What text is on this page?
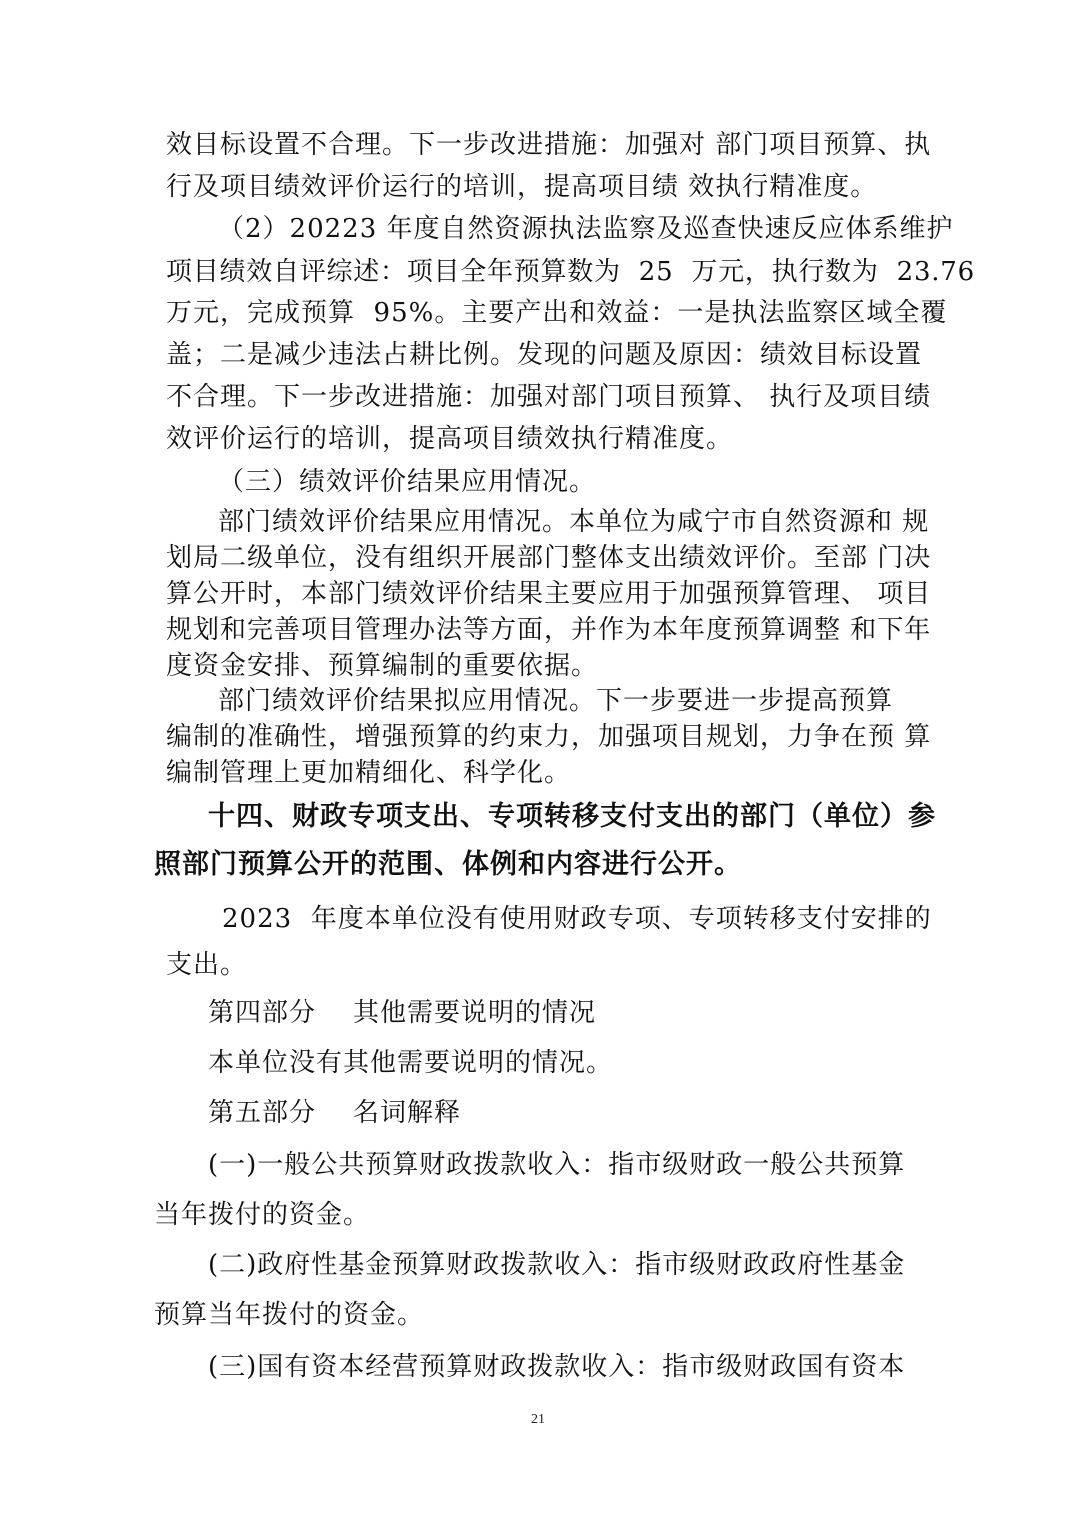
效目标设置不合理。下一步改进措施：加强对 部门项目预算、执

行及项目绩效评价运行的培训，提高项目绩 效执行精准度。

（2）20223 年度自然资源执法监察及巡查快速反应体系维护

项目绩效自评综述：项目全年预算数为  25  万元，执行数为  23.76

万元，完成预算  95%。主要产出和效益：一是执法监察区域全覆

盖；二是减少违法占耕比例。发现的问题及原因：绩效目标设置

不合理。下一步改进措施：加强对部门项目预算、 执行及项目绩

效评价运行的培训，提高项目绩效执行精准度。

（三）绩效评价结果应用情况。

部门绩效评价结果应用情况。本单位为咸宁市自然资源和 规

划局二级单位，没有组织开展部门整体支出绩效评价。至部 门决

算公开时，本部门绩效评价结果主要应用于加强预算管理、 项目

规划和完善项目管理办法等方面，并作为本年度预算调整 和下年

度资金安排、预算编制的重要依据。

部门绩效评价结果拟应用情况。下一步要进一步提高预算

编制的准确性，增强预算的约束力，加强项目规划，力争在预 算

编制管理上更加精细化、科学化。

十四、财政专项支出、专项转移支付支出的部门（单位）参

照部门预算公开的范围、体例和内容进行公开。

2023  年度本单位没有使用财政专项、专项转移支付安排的

支出。

第四部分    其他需要说明的情况

本单位没有其他需要说明的情况。

第五部分    名词解释

(一)一般公共预算财政拨款收入：指市级财政一般公共预算

当年拨付的资金。

(二)政府性基金预算财政拨款收入：指市级财政政府性基金

预算当年拨付的资金。

(三)国有资本经营预算财政拨款收入：指市级财政国有资本

21
